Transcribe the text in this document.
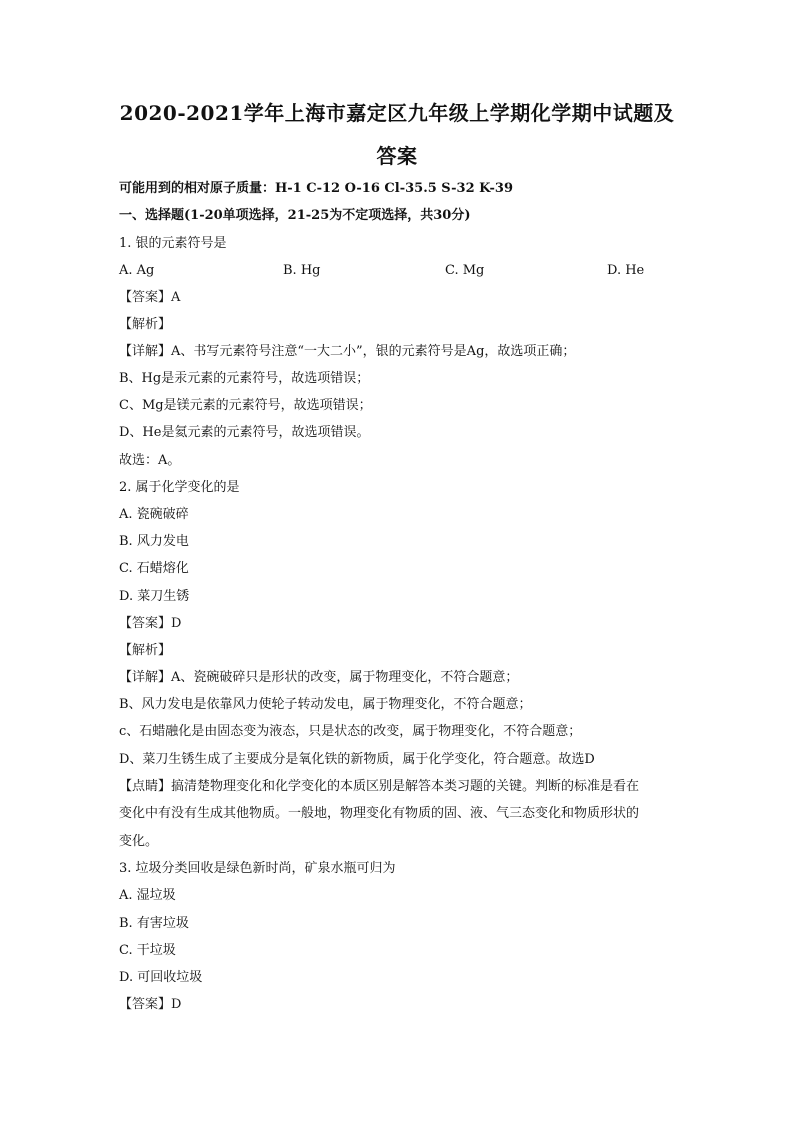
2020-2021学年上海市嘉定区九年级上学期化学期中试题及
答案
可能用到的相对原子质量：H-1 C-12 O-16 Cl-35.5 S-32 K-39
一、选择题(1-20单项选择，21-25为不定项选择，共30分)
1. 银的元素符号是
A. Ag	B. Hg	C. Mg	D. He
【答案】A
【解析】
【详解】A、书写元素符号注意“一大二小”，银的元素符号是Ag，故选项正确；
B、Hg是汞元素的元素符号，故选项错误；
C、Mg是镁元素的元素符号，故选项错误；
D、He是氦元素的元素符号，故选项错误。
故选：A。
2. 属于化学变化的是
A. 瓷碗破碎
B. 风力发电
C. 石蜡熔化
D. 菜刀生锈
【答案】D
【解析】
【详解】A、瓷碗破碎只是形状的改变，属于物理变化，不符合题意；
B、风力发电是依靠风力使轮子转动发电，属于物理变化，不符合题意；
c、石蜡融化是由固态变为液态，只是状态的改变，属于物理变化，不符合题意；
D、菜刀生锈生成了主要成分是氧化铁的新物质，属于化学变化，符合题意。故选D
【点睛】搞清楚物理变化和化学变化的本质区别是解答本类习题的关键。判断的标准是看在
变化中有没有生成其他物质。一般地，物理变化有物质的固、液、气三态变化和物质形状的
变化。
3. 垃圾分类回收是绿色新时尚，矿泉水瓶可归为
A. 湿垃圾
B. 有害垃圾
C. 干垃圾
D. 可回收垃圾
【答案】D
